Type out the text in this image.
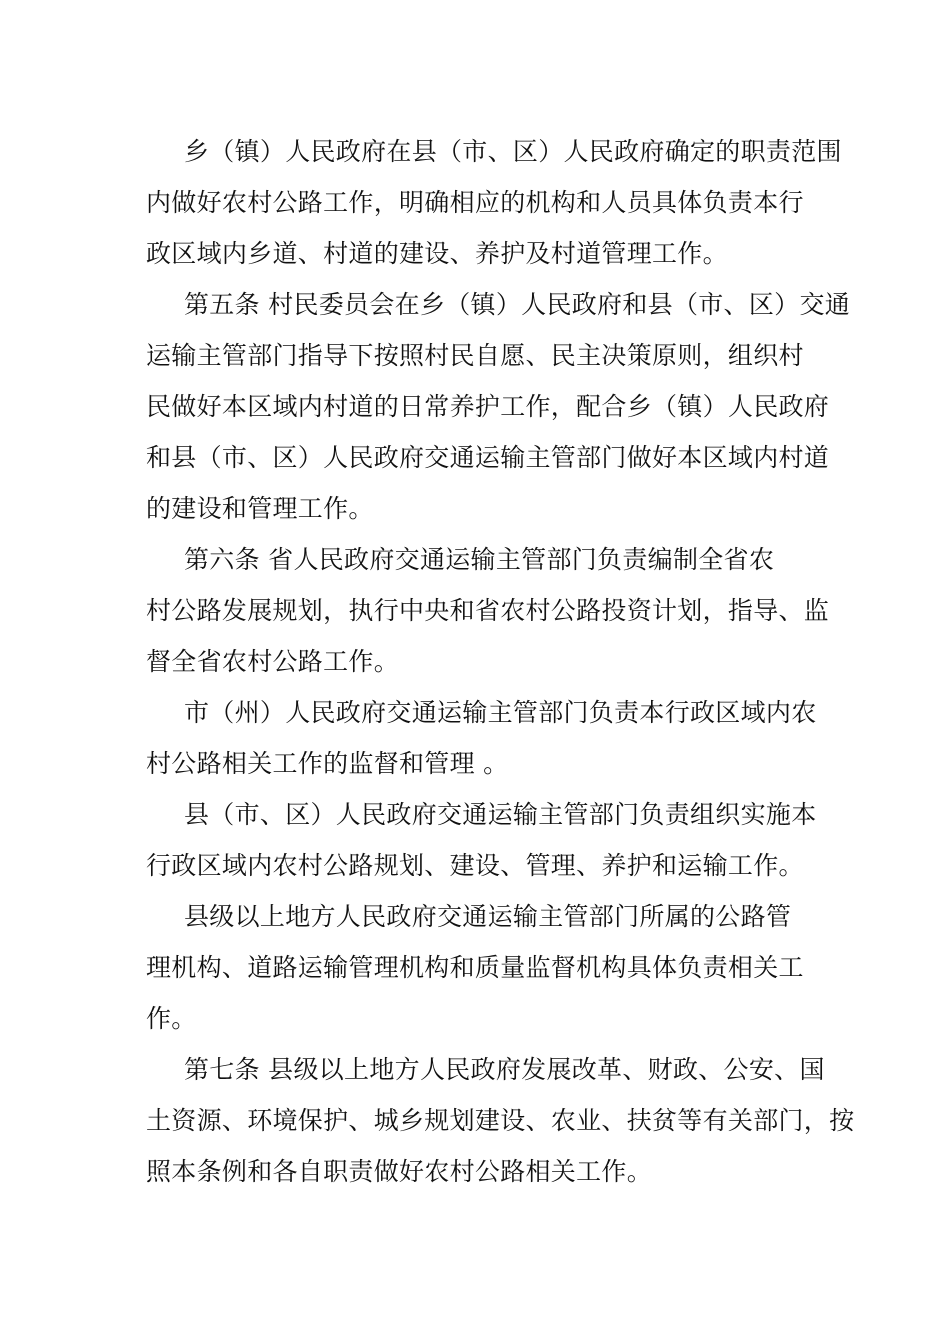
乡（镇）人民政府在县（市、区）人民政府确定的职责范围
内做好农村公路工作，明确相应的机构和人员具体负责本行
政区域内乡道、村道的建设、养护及村道管理工作。
第五条 村民委员会在乡（镇）人民政府和县（市、区）交通
运输主管部门指导下按照村民自愿、民主决策原则，组织村
民做好本区域内村道的日常养护工作，配合乡（镇）人民政府
和县（市、区）人民政府交通运输主管部门做好本区域内村道
的建设和管理工作。
第六条 省人民政府交通运输主管部门负责编制全省农
村公路发展规划，执行中央和省农村公路投资计划，指导、监
督全省农村公路工作。
市（州）人民政府交通运输主管部门负责本行政区域内农
村公路相关工作的监督和管理 。
县（市、区）人民政府交通运输主管部门负责组织实施本
行政区域内农村公路规划、建设、管理、养护和运输工作。
县级以上地方人民政府交通运输主管部门所属的公路管
理机构、道路运输管理机构和质量监督机构具体负责相关工
作。
第七条 县级以上地方人民政府发展改革、财政、公安、国
土资源、环境保护、城乡规划建设、农业、扶贫等有关部门，按
照本条例和各自职责做好农村公路相关工作。
